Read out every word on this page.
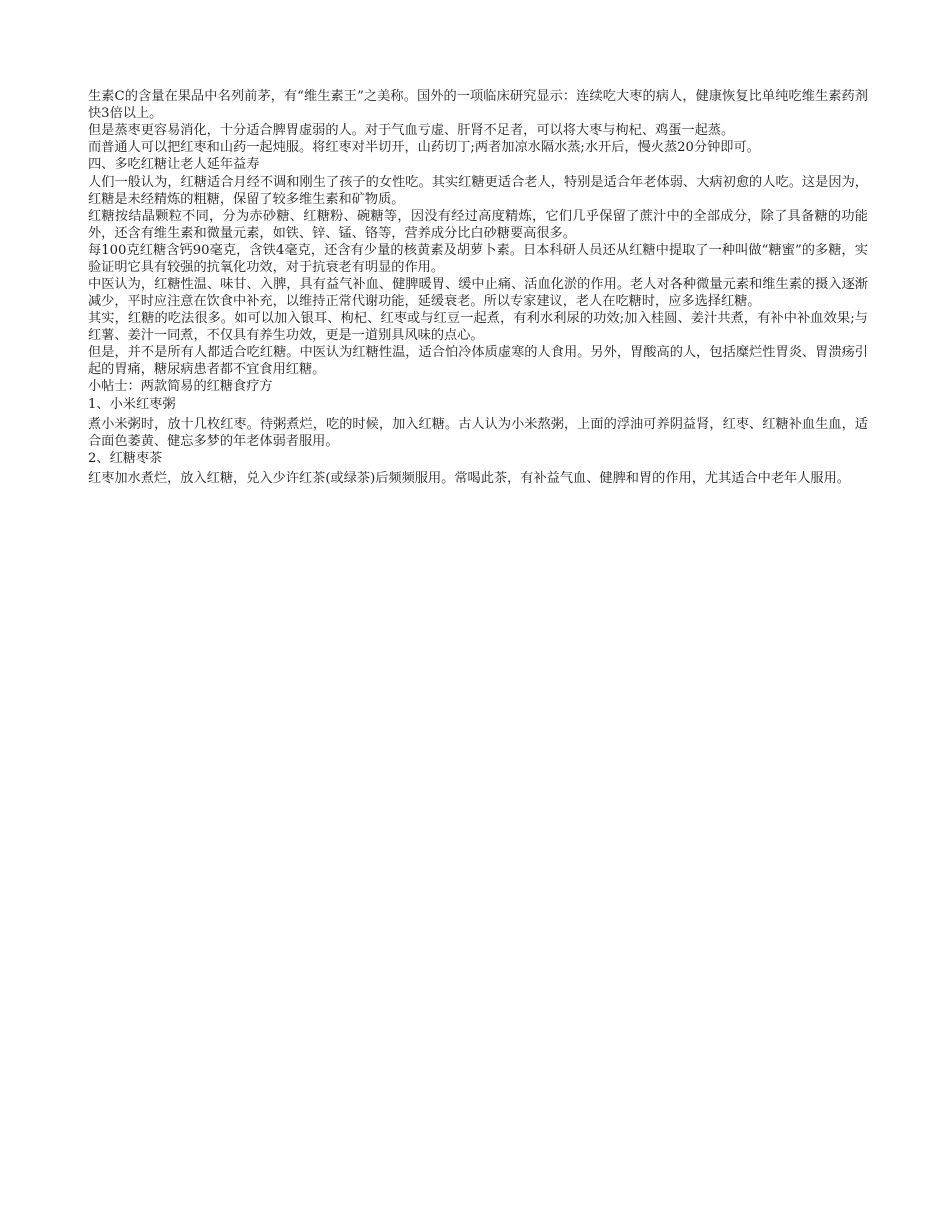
生素C的含量在果品中名列前茅，有“维生素王”之美称。国外的一项临床研究显示：连续吃大枣的病人，健康恢复比单纯吃维生素药剂快3倍以上。

但是蒸枣更容易消化，十分适合脾胃虚弱的人。对于气血亏虚、肝肾不足者，可以将大枣与枸杞、鸡蛋一起蒸。

而普通人可以把红枣和山药一起炖服。将红枣对半切开，山药切丁;两者加凉水隔水蒸;水开后，慢火蒸20分钟即可。

四、多吃红糖让老人延年益寿

人们一般认为，红糖适合月经不调和刚生了孩子的女性吃。其实红糖更适合老人，特别是适合年老体弱、大病初愈的人吃。这是因为，红糖是未经精炼的粗糖，保留了较多维生素和矿物质。

红糖按结晶颗粒不同，分为赤砂糖、红糖粉、碗糖等，因没有经过高度精炼，它们几乎保留了蔗汁中的全部成分，除了具备糖的功能外，还含有维生素和微量元素，如铁、锌、锰、铬等，营养成分比白砂糖要高很多。

每100克红糖含钙90毫克，含铁4毫克，还含有少量的核黄素及胡萝卜素。日本科研人员还从红糖中提取了一种叫做“糖蜜”的多糖，实验证明它具有较强的抗氧化功效，对于抗衰老有明显的作用。

中医认为，红糖性温、味甘、入脾，具有益气补血、健脾暖胃、缓中止痛、活血化淤的作用。老人对各种微量元素和维生素的摄入逐渐减少，平时应注意在饮食中补充，以维持正常代谢功能，延缓衰老。所以专家建议，老人在吃糖时，应多选择红糖。

其实，红糖的吃法很多。如可以加入银耳、枸杞、红枣或与红豆一起煮，有利水利尿的功效;加入桂圆、姜汁共煮，有补中补血效果;与红薯、姜汁一同煮，不仅具有养生功效，更是一道别具风味的点心。

但是，并不是所有人都适合吃红糖。中医认为红糖性温，适合怕冷体质虚寒的人食用。另外，胃酸高的人，包括糜烂性胃炎、胃溃疡引起的胃痛，糖尿病患者都不宜食用红糖。

小帖士：两款简易的红糖食疗方

1、小米红枣粥

煮小米粥时，放十几枚红枣。待粥煮烂，吃的时候，加入红糖。古人认为小米熬粥，上面的浮油可养阴益肾，红枣、红糖补血生血，适合面色萎黄、健忘多梦的年老体弱者服用。

2、红糖枣茶

红枣加水煮烂，放入红糖，兑入少许红茶(或绿茶)后频频服用。常喝此茶，有补益气血、健脾和胃的作用，尤其适合中老年人服用。
